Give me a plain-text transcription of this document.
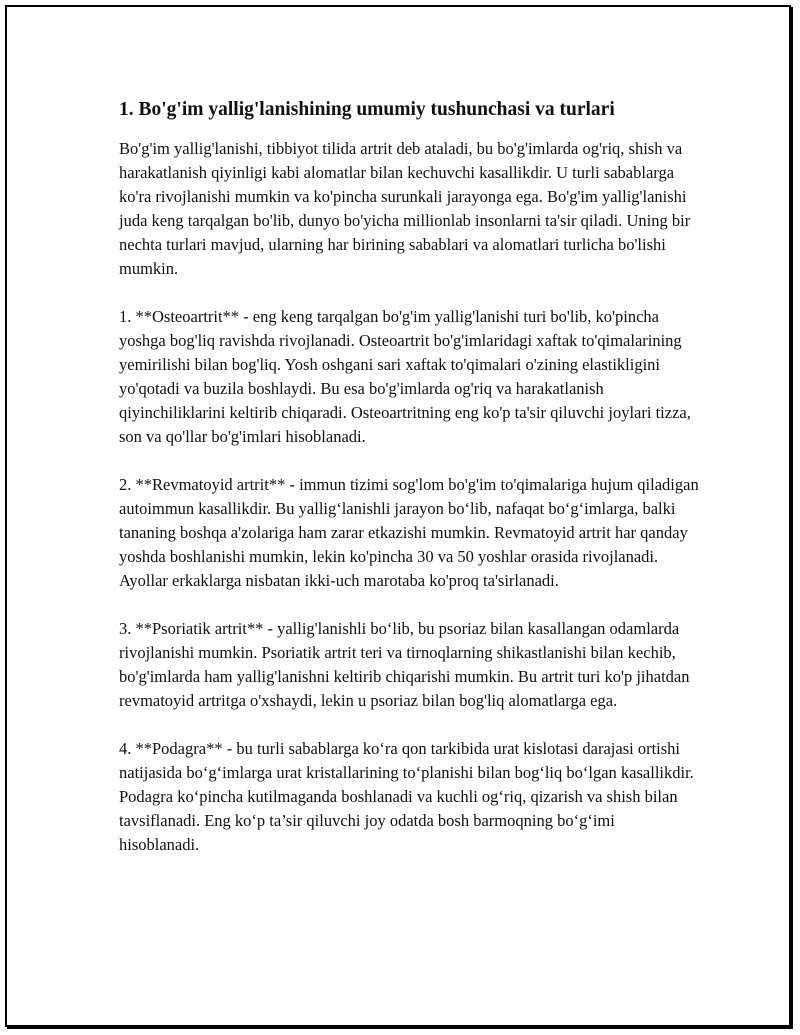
1. Bo'g'im yallig'lanishining umumiy tushunchasi va turlari

Bo'g'im yallig'lanishi, tibbiyot tilida artrit deb ataladi, bu bo'g'imlarda og'riq, shish va harakatlanish qiyinligi kabi alomatlar bilan kechuvchi kasallikdir. U turli sabablarga ko'ra rivojlanishi mumkin va ko'pincha surunkali jarayonga ega. Bo'g'im yallig'lanishi juda keng tarqalgan bo'lib, dunyo bo'yicha millionlab insonlarni ta'sir qiladi. Uning bir nechta turlari mavjud, ularning har birining sabablari va alomatlari turlicha bo'lishi mumkin.

1. **Osteoartrit** - eng keng tarqalgan bo'g'im yallig'lanishi turi bo'lib, ko'pincha yoshga bog'liq ravishda rivojlanadi. Osteoartrit bo'g'imlaridagi xaftak to'qimalarining yemirilishi bilan bog'liq. Yosh oshgani sari xaftak to'qimalari o'zining elastikligini yo'qotadi va buzila boshlaydi. Bu esa bo'g'imlarda og'riq va harakatlanish qiyinchiliklarini keltirib chiqaradi. Osteoartritning eng ko'p ta'sir qiluvchi joylari tizza, son va qo'llar bo'g'imlari hisoblanadi.

2. **Revmatoyid artrit** - immun tizimi sog'lom bo'g'im to'qimalariga hujum qiladigan autoimmun kasallikdir. Bu yallig‘lanishli jarayon bo‘lib, nafaqat bo‘g‘imlarga, balki tananing boshqa a'zolariga ham zarar etkazishi mumkin. Revmatoyid artrit har qanday yoshda boshlanishi mumkin, lekin ko'pincha 30 va 50 yoshlar orasida rivojlanadi. Ayollar erkaklarga nisbatan ikki-uch marotaba ko'proq ta'sirlanadi.

3. **Psoriatik artrit** - yallig'lanishli bo‘lib, bu psoriaz bilan kasallangan odamlarda rivojlanishi mumkin. Psoriatik artrit teri va tirnoqlarning shikastlanishi bilan kechib, bo'g'imlarda ham yallig'lanishni keltirib chiqarishi mumkin. Bu artrit turi ko'p jihatdan revmatoyid artritga o'xshaydi, lekin u psoriaz bilan bog'liq alomatlarga ega.

4. **Podagra** - bu turli sabablarga ko‘ra qon tarkibida urat kislotasi darajasi ortishi natijasida bo‘g‘imlarga urat kristallarining to‘planishi bilan bog‘liq bo‘lgan kasallikdir. Podagra ko‘pincha kutilmaganda boshlanadi va kuchli og‘riq, qizarish va shish bilan tavsiflanadi. Eng ko‘p ta’sir qiluvchi joy odatda bosh barmoqning bo‘g‘imi hisoblanadi.
